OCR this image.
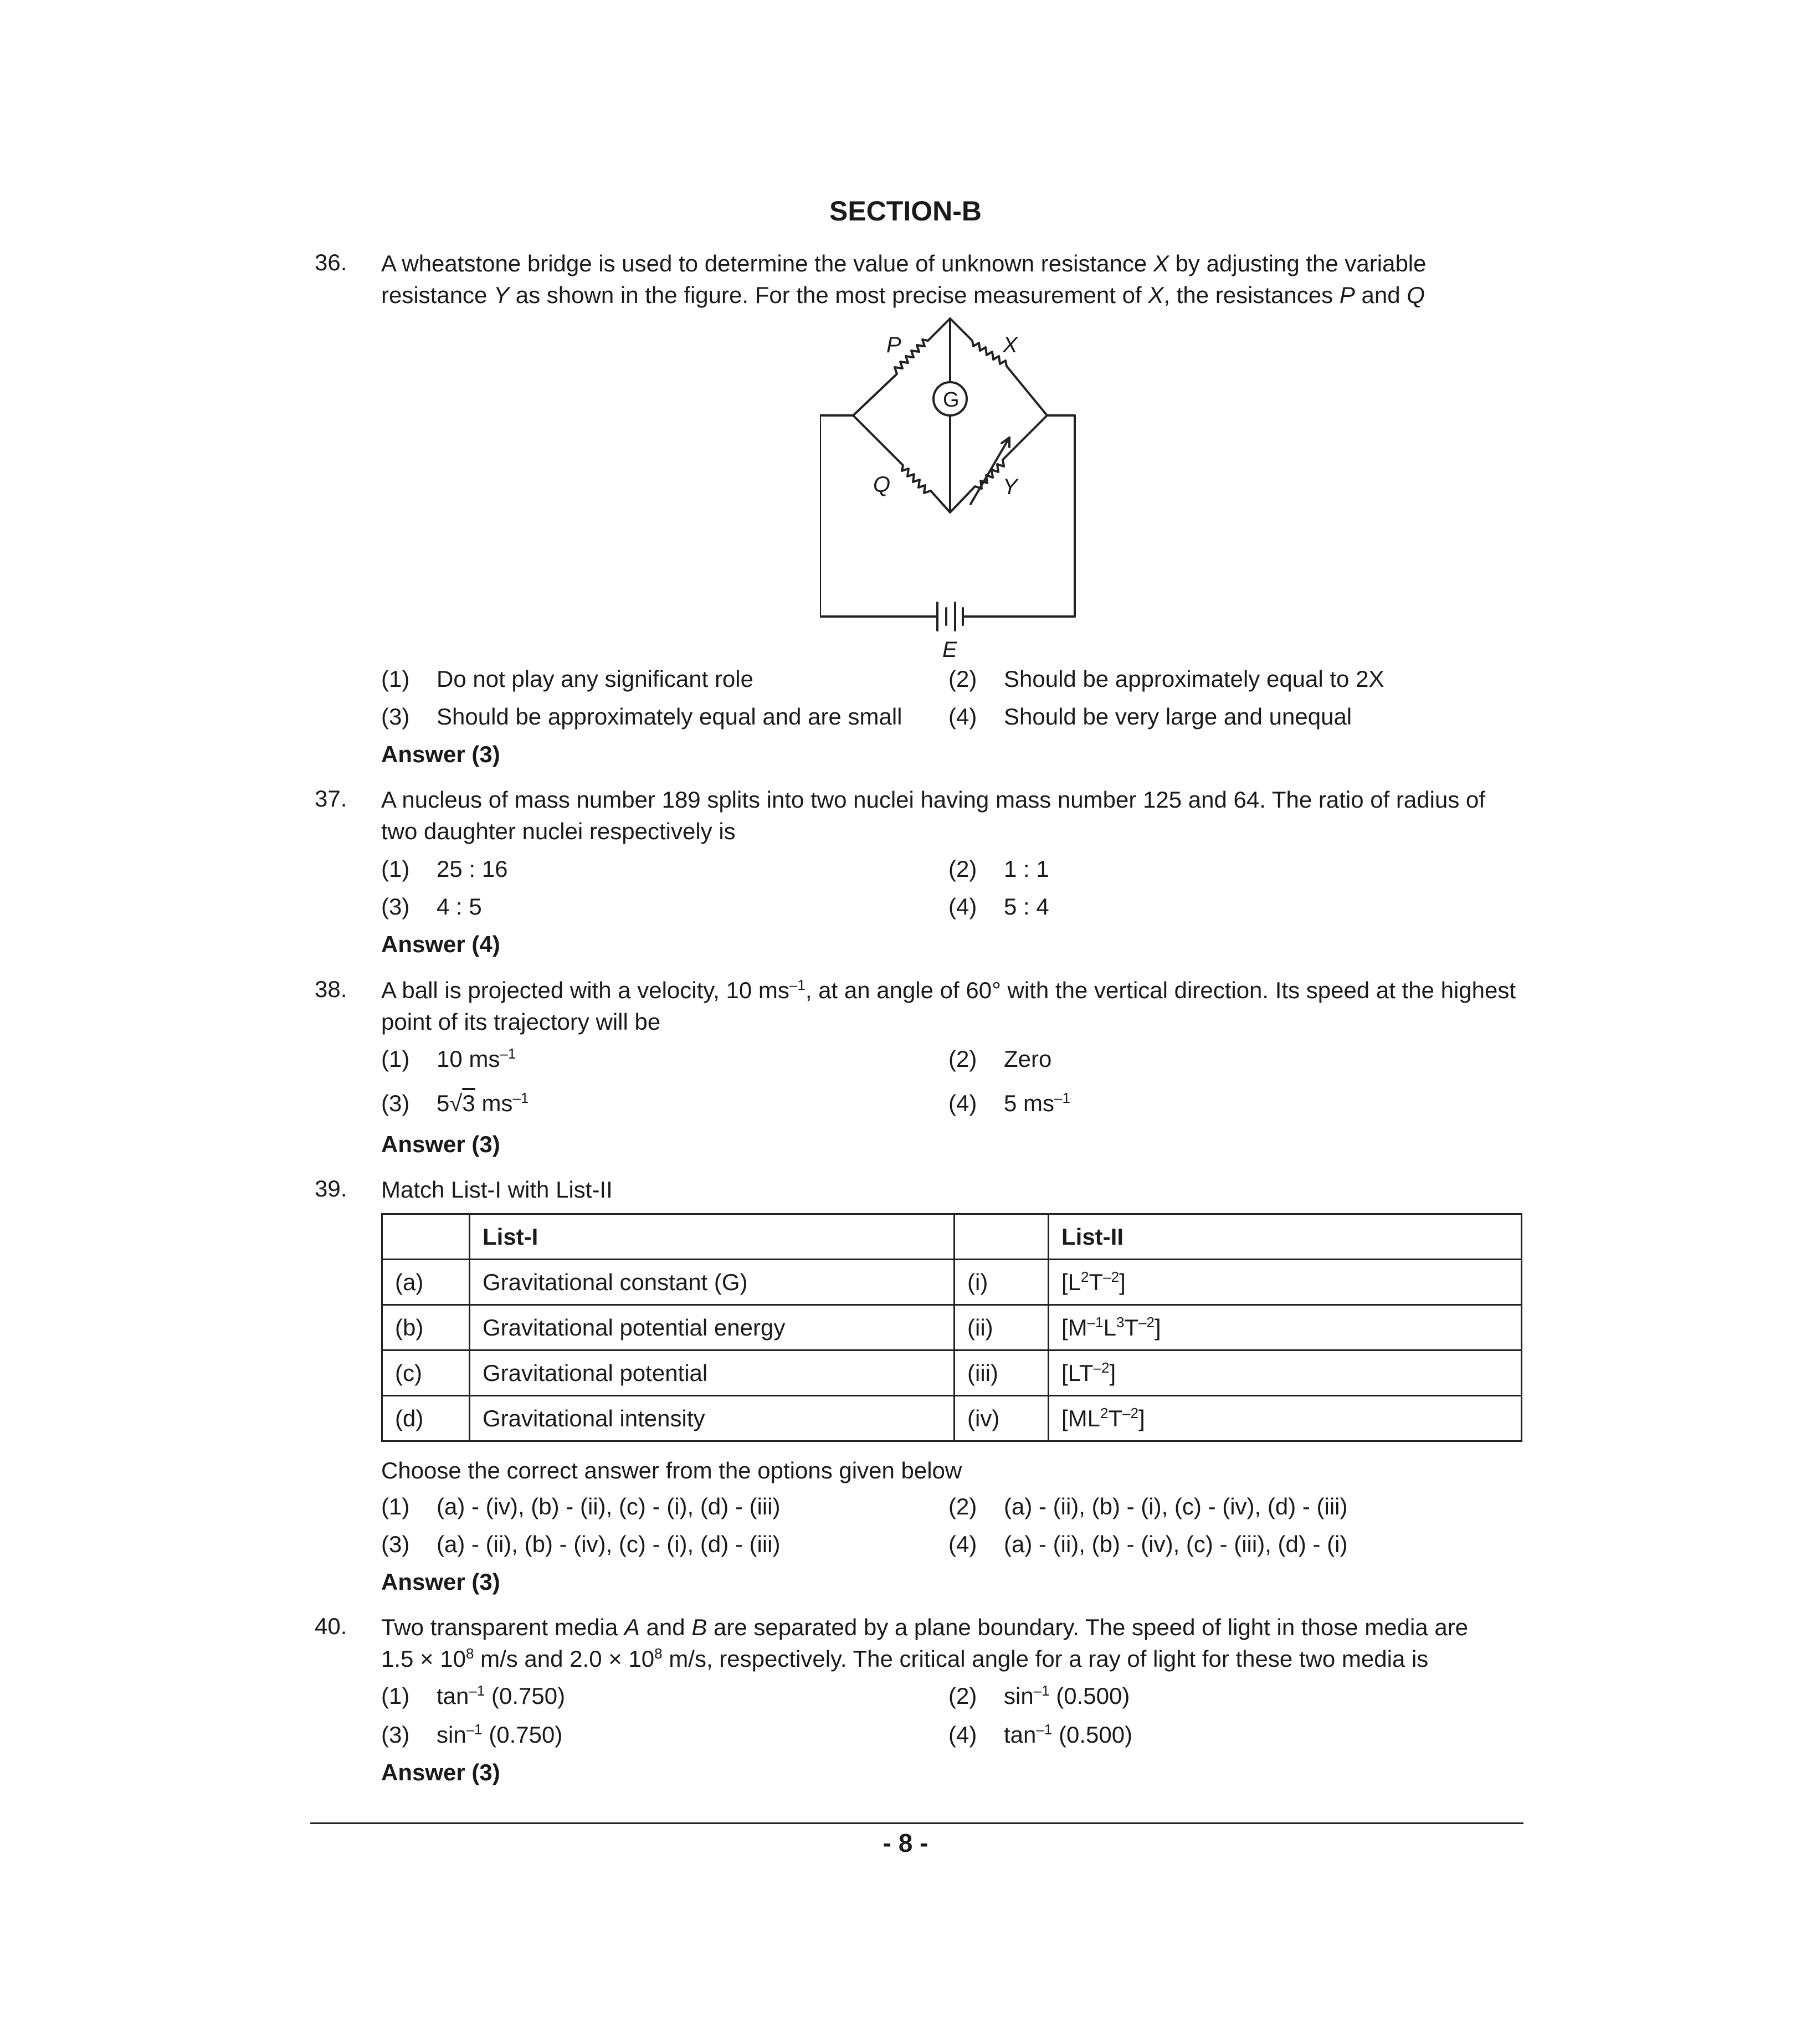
SECTION-B
36. A wheatstone bridge is used to determine the value of unknown resistance X by adjusting the variable
resistance Y as shown in the figure. For the most precise measurement of X, the resistances P and Q
P	X
Q	Y
E
G
(1) Do not play any significant role	(2) Should be approximately equal to 2X
(3) Should be approximately equal and are small (4) Should be very large and unequal
Answer (3)
37. A nucleus of mass number 189 splits into two nuclei having mass number 125 and 64. The ratio of radius of
two daughter nuclei respectively is
(1) 25 : 16	(2) 1 : 1
(3) 4 : 5	(4) 5 : 4
Answer (4)
38. A ball is projected with a velocity, 10 $ms^{-1}$, at an angle of 60° with the vertical direction. Its speed at the highest
point of its trajectory will be
(1) 10 $ms^{-1}$	(2) Zero
(3) 5√3 $ms^{-1}$	(4) 5 $ms^{-1}$
Answer (3)
39. Match List-I with List-II
	List-I		List-II
(a)	Gravitational constant (G)	(i)	$[L^2T^{-2}]$
(b)	Gravitational potential energy	(ii)	$[M^{-1}L^3T^{-2}]$
(c)	Gravitational potential	(iii)	$[LT^{-2}]$
(d)	Gravitational intensity	(iv)	$[ML^2T^{-2}]$
Choose the correct answer from the options given below
(1) (a) - (iv), (b) - (ii), (c) - (i), (d) - (iii)	(2) (a) - (ii), (b) - (i), (c) - (iv), (d) - (iii)
(3) (a) - (ii), (b) - (iv), (c) - (i), (d) - (iii)	(4) (a) - (ii), (b) - (iv), (c) - (iii), (d) - (i)
Answer (3)
40. Two transparent media A and B are separated by a plane boundary. The speed of light in those media are
$1.5 \times 10^8$ m/s and $2.0 \times 10^8$ m/s, respectively. The critical angle for a ray of light for these two media is
(1) $\tan^{-1} (0.750)$	(2) $\sin^{-1} (0.500)$
(3) $\sin^{-1} (0.750)$	(4) $\tan^{-1} (0.500)$
Answer (3)
- 8 -
